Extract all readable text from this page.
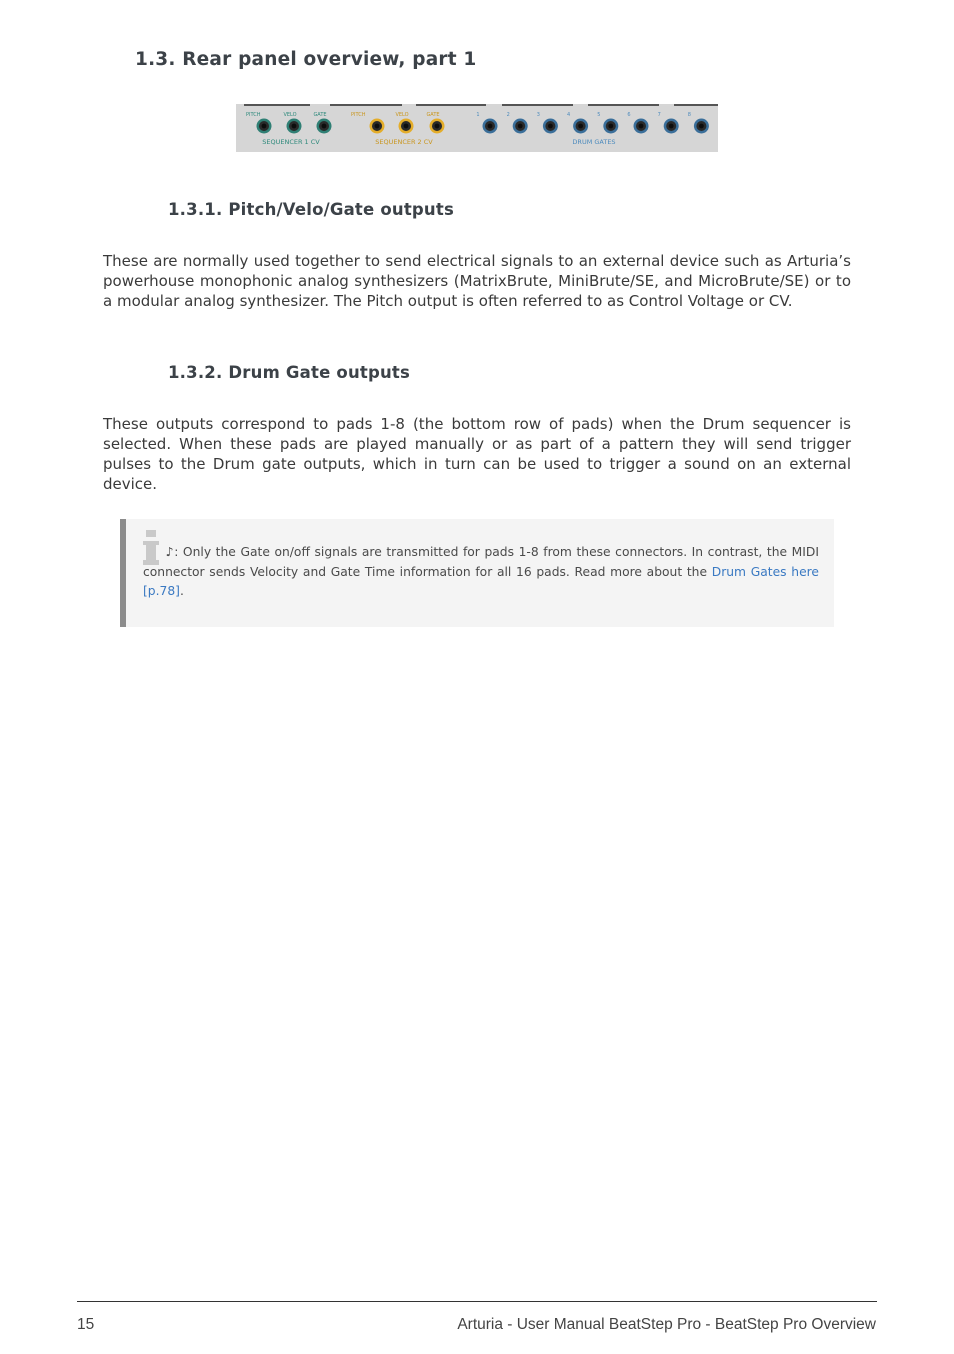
1.3. Rear panel overview, part 1
PITCH	VELO	GATE
SEQUENCER 1 CV
PITCH	VELO	GATE
SEQUENCER 2 CV
1	2	3	4	5	6	7	8
DRUM GATES
1.3.1. Pitch/Velo/Gate outputs

These are normally used together to send electrical signals to an external device such as Arturia’s powerhouse monophonic analog synthesizers (MatrixBrute, MiniBrute/SE, and MicroBrute/SE) or to a modular analog synthesizer. The Pitch output is often referred to as Control Voltage or CV.

1.3.2. Drum Gate outputs

These outputs correspond to pads 1-8 (the bottom row of pads) when the Drum sequencer is selected. When these pads are played manually or as part of a pattern they will send trigger pulses to the Drum gate outputs, which in turn can be used to trigger a sound on an external device.

♪: Only the Gate on/off signals are transmitted for pads 1-8 from these connectors. In contrast, the MIDI connector sends Velocity and Gate Time information for all 16 pads. Read more about the Drum Gates here [p.78].

15	Arturia - User Manual BeatStep Pro - BeatStep Pro Overview
